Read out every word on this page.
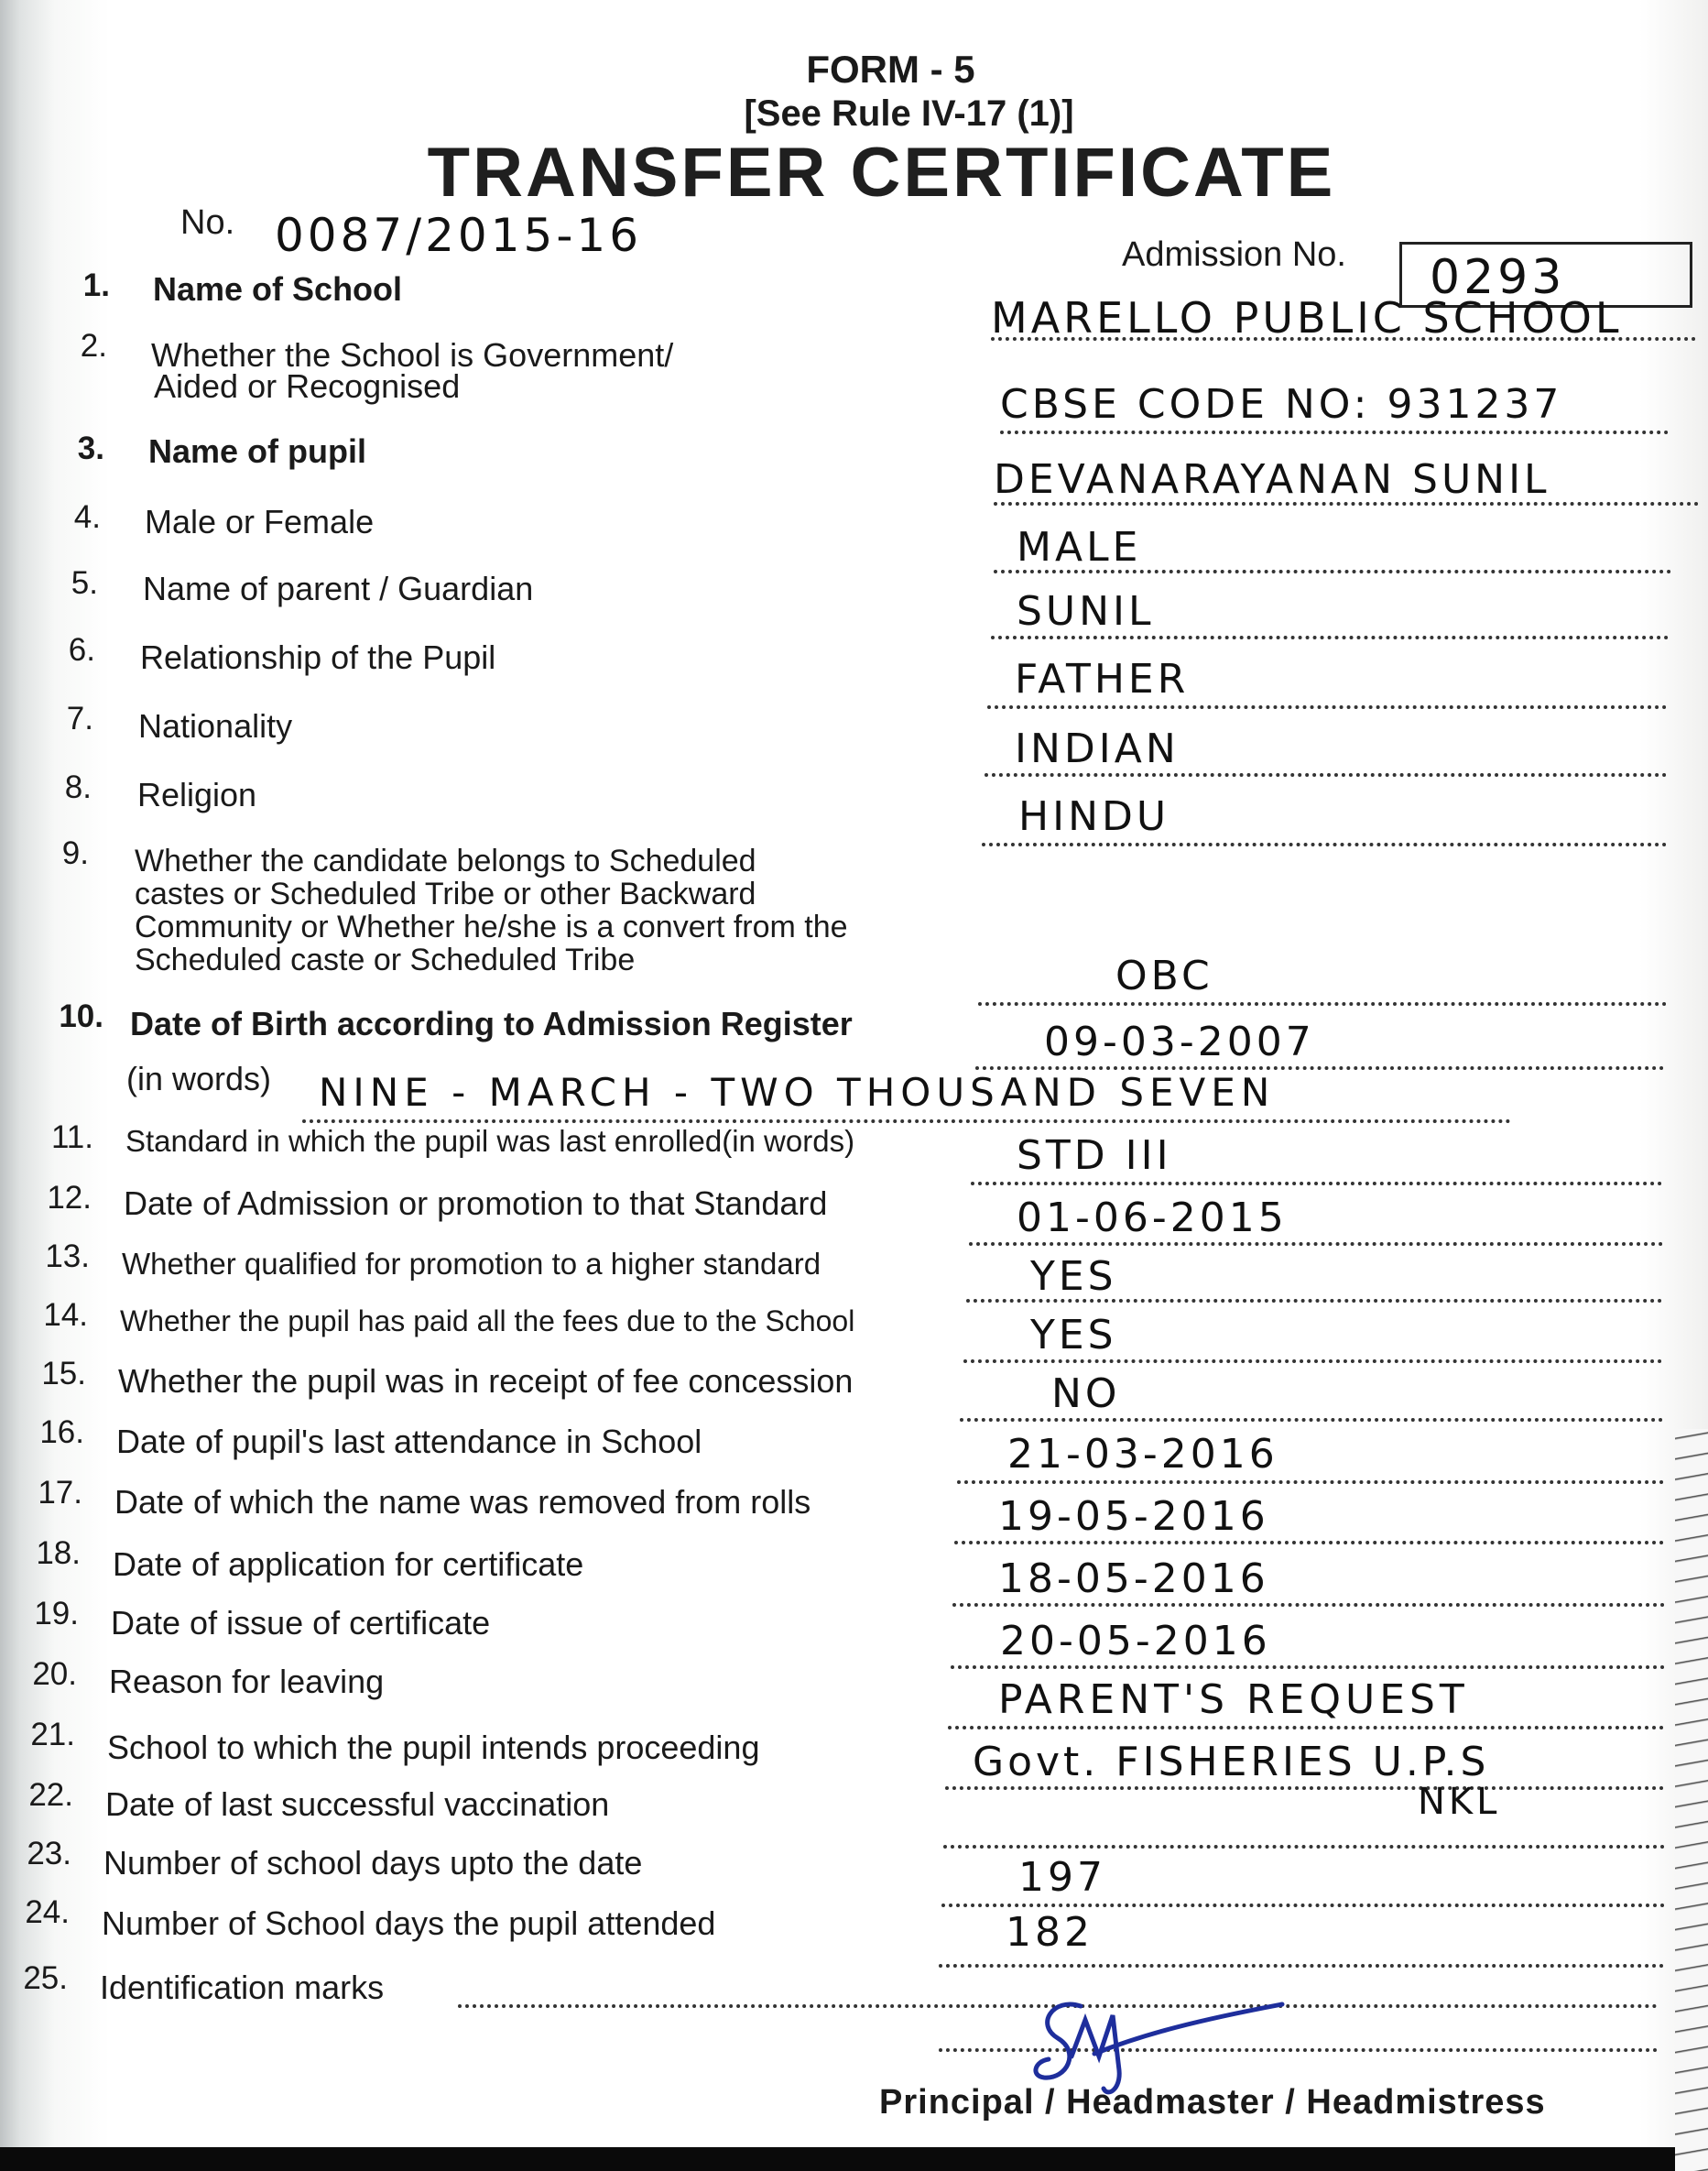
FORM - 5
[See Rule IV-17 (1)]
TRANSFER CERTIFICATE
No. 0087/2015-16	Admission No. 0293
1. Name of School
MARELLO PUBLIC SCHOOL
2. Whether the School is Government/
Aided or Recognised	CBSE CODE NO: 931237
3. Name of pupil
DEVANARAYANAN SUNIL
4. Male or Female
MALE
5. Name of parent / Guardian	SUNIL
6. Relationship of the Pupil	FATHER
7. Nationality	INDIAN
8. Religion	HINDU
9. Whether the candidate belongs to Scheduled
castes or Scheduled Tribe or other Backward
Community or Whether he/she is a convert from the
Scheduled caste or Scheduled Tribe	OBC
10. Date of Birth according to Admission Register	09-03-2007
(in words) NINE - MARCH - TWO THOUSAND SEVEN
11. Standard in which the pupil was last enrolled(in words)	STD III
12. Date of Admission or promotion to that Standard	01-06-2015
13. Whether qualified for promotion to a higher standard	YES
14. Whether the pupil has paid all the fees due to the School	YES
15. Whether the pupil was in receipt of fee concession	NO
16. Date of pupil's last attendance in School	21-03-2016
17. Date of which the name was removed from rolls	19-05-2016
18. Date of application for certificate	18-05-2016
19. Date of issue of certificate	20-05-2016
20. Reason for leaving	PARENT'S REQUEST
21. School to which the pupil intends proceeding	Govt. FISHERIES U.P.S
NKL
22. Date of last successful vaccination
23. Number of school days upto the date	197
24. Number of School days the pupil attended	182
25. Identification marks
Principal / Headmaster / Headmistress
